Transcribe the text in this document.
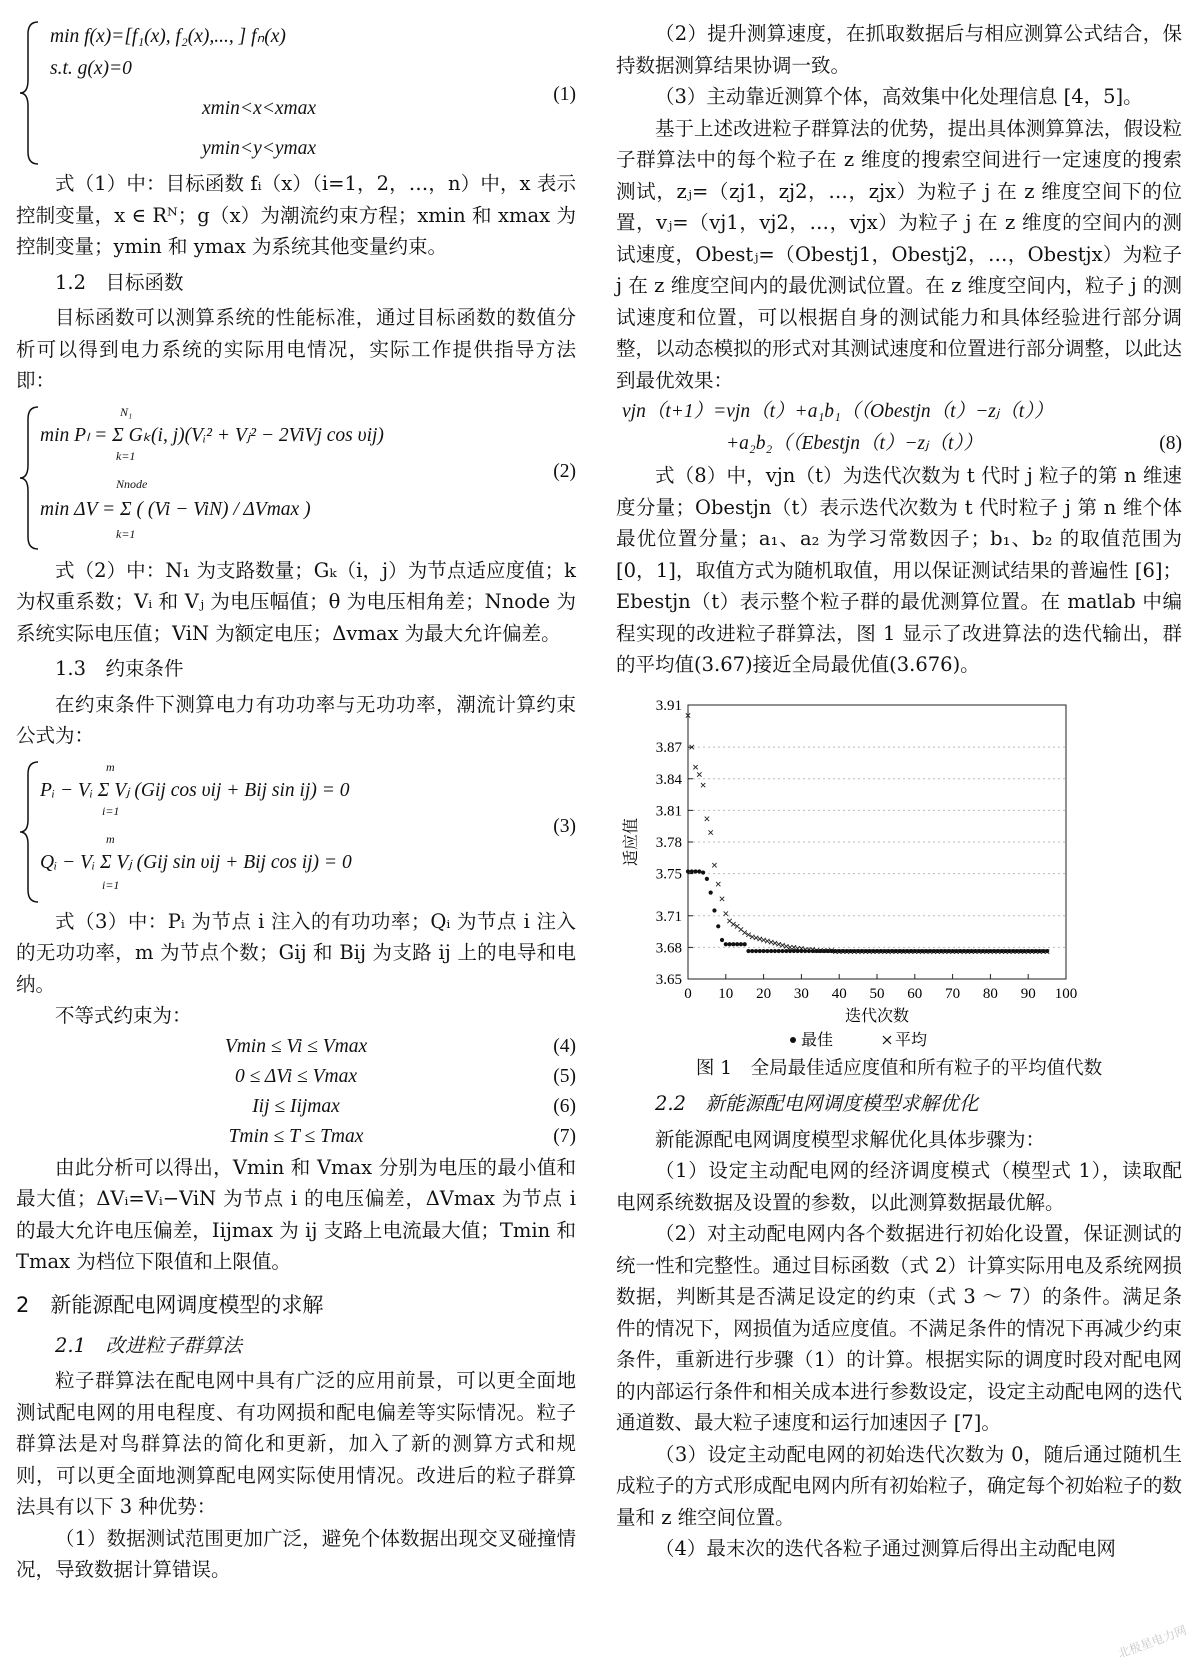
min f(x)=[f₁(x), f₂(x),..., ] fₙ(x)
s.t. g(x)=0
xmin<x<xmax
ymin<y<ymax
(1)

式（1）中：目标函数 fᵢ（x）（i=1，2，…，n）中，x 表示控制变量，x ∈ Rᴺ；g（x）为潮流约束方程；xmin 和 xmax 为控制变量；ymin 和 ymax 为系统其他变量约束。

1.2　目标函数

目标函数可以测算系统的性能标准，通过目标函数的数值分析可以得到电力系统的实际用电情况，实际工作提供指导方法即：

N₁
min Pₗ = Σ Gₖ(i, j)(Vᵢ² + Vⱼ² − 2ViVj cos υij)
k=1
Nnode
min ΔV = Σ ( (Vi − ViN) / ΔVmax )
k=1
(2)

式（2）中：N₁ 为支路数量；Gₖ（i，j）为节点适应度值；k 为权重系数；Vᵢ 和 Vⱼ 为电压幅值；θ 为电压相角差；Nnode 为系统实际电压值；ViN 为额定电压；Δvmax 为最大允许偏差。

1.3　约束条件

在约束条件下测算电力有功功率与无功功率，潮流计算约束公式为：

m
Pᵢ − Vᵢ Σ Vⱼ (Gij cos υij + Bij sin ij) = 0
i=1
m
Qᵢ − Vᵢ Σ Vⱼ (Gij sin υij + Bij cos ij) = 0
i=1
(3)

式（3）中：Pᵢ 为节点 i 注入的有功功率；Qᵢ 为节点 i 注入的无功功率，m 为节点个数；Gij 和 Bij 为支路 ij 上的电导和电纳。

不等式约束为：

Vmin ≤ Vi ≤ Vmax	(4)
0 ≤ ΔVi ≤ Vmax	(5)
Iij ≤ Iijmax	(6)
Tmin ≤ T ≤ Tmax	(7)

由此分析可以得出，Vmin 和 Vmax 分别为电压的最小值和最大值；ΔVᵢ=Vᵢ−ViN 为节点 i 的电压偏差，ΔVmax 为节点 i 的最大允许电压偏差，Iijmax 为 ij 支路上电流最大值；Tmin 和 Tmax 为档位下限值和上限值。

2　新能源配电网调度模型的求解
2.1　改进粒子群算法

粒子群算法在配电网中具有广泛的应用前景，可以更全面地测试配电网的用电程度、有功网损和配电偏差等实际情况。粒子群算法是对鸟群算法的简化和更新，加入了新的测算方式和规则，可以更全面地测算配电网实际使用情况。改进后的粒子群算法具有以下 3 种优势：

（1）数据测试范围更加广泛，避免个体数据出现交叉碰撞情况，导致数据计算错误。

（2）提升测算速度，在抓取数据后与相应测算公式结合，保持数据测算结果协调一致。

（3）主动靠近测算个体，高效集中化处理信息 [4，5]。

基于上述改进粒子群算法的优势，提出具体测算算法，假设粒子群算法中的每个粒子在 z 维度的搜索空间进行一定速度的搜索测试，zⱼ=（zj1，zj2，…，zjx）为粒子 j 在 z 维度空间下的位置，vⱼ=（vj1，vj2，…，vjx）为粒子 j 在 z 维度的空间内的测试速度，Obestⱼ=（Obestj1，Obestj2，…，Obestjx）为粒子 j 在 z 维度空间内的最优测试位置。在 z 维度空间内，粒子 j 的测试速度和位置，可以根据自身的测试能力和具体经验进行部分调整，以动态模拟的形式对其测试速度和位置进行部分调整，以此达到最优效果：

vjn（t+1）=vjn（t）+a₁b₁（（Obestjn（t）−zⱼ（t））
+a₂b₂（（Ebestjn（t）−zⱼ（t））	(8)

式（8）中，vjn（t）为迭代次数为 t 代时 j 粒子的第 n 维速度分量；Obestjn（t）表示迭代次数为 t 代时粒子 j 第 n 维个体最优位置分量；a₁、a₂ 为学习常数因子；b₁、b₂ 的取值范围为 [0，1]，取值方式为随机取值，用以保证测试结果的普遍性 [6]；Ebestjn（t）表示整个粒子群的最优测算位置。在 matlab 中编程实现的改进粒子群算法，图 1 显示了改进算法的迭代输出，群的平均值(3.67)接近全局最优值(3.676)。

3.65
3.68
3.71
3.75
3.78
3.81
3.84
3.87
3.91
0 10 20 30 40 50 60 70 80 90 100
迭代次数
适应值
最佳	平均
图 1　全局最佳适应度值和所有粒子的平均值代数
2.2　新能源配电网调度模型求解优化

新能源配电网调度模型求解优化具体步骤为：

（1）设定主动配电网的经济调度模式（模型式 1），读取配电网系统数据及设置的参数，以此测算数据最优解。

（2）对主动配电网内各个数据进行初始化设置，保证测试的统一性和完整性。通过目标函数（式 2）计算实际用电及系统网损数据，判断其是否满足设定的约束（式 3 ～ 7）的条件。满足条件的情况下，网损值为适应度值。不满足条件的情况下再减少约束条件，重新进行步骤（1）的计算。根据实际的调度时段对配电网的内部运行条件和相关成本进行参数设定，设定主动配电网的迭代通道数、最大粒子速度和运行加速因子 [7]。

（3）设定主动配电网的初始迭代次数为 0，随后通过随机生成粒子的方式形成配电网内所有初始粒子，确定每个初始粒子的数量和 z 维空间位置。

（4）最末次的迭代各粒子通过测算后得出主动配电网

北极星电力网
